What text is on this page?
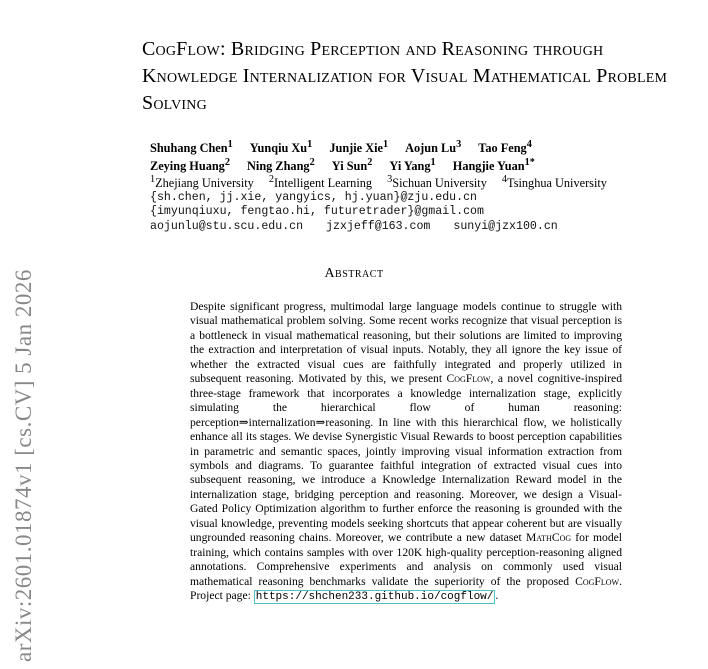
arXiv:2601.01874v1 [cs.CV] 5 Jan 2026
CogFlow: Bridging Perception and Reasoning through Knowledge Internalization for Visual Mathematical Problem Solving
Shuhang Chen$^1$ Yunqiu Xu$^1$ Junjie Xie$^1$ Aojun Lu$^3$ Tao Feng$^4$
Zeying Huang$^2$ Ning Zhang$^2$ Yi Sun$^2$ Yi Yang$^1$ Hangjie Yuan$^{1*}$
$^1$Zhejiang University $^2$Intelligent Learning $^3$Sichuan University $^4$Tsinghua University
{sh.chen, jj.xie, yangyics, hj.yuan}@zju.edu.cn
{imyunqiuxu, fengtao.hi, futuretrader}@gmail.com
aojunlu@stu.scu.edu.cn jzxjeff@163.com sunyi@jzx100.cn
Abstract

Despite significant progress, multimodal large language models continue to struggle with visual mathematical problem solving. Some recent works recognize that visual perception is a bottleneck in visual mathematical reasoning, but their solutions are limited to improving the extraction and interpretation of visual inputs. Notably, they all ignore the key issue of whether the extracted visual cues are faithfully integrated and properly utilized in subsequent reasoning. Motivated by this, we present CogFlow, a novel cognitive-inspired three-stage framework that incorporates a knowledge internalization stage, explicitly simulating the hierarchical flow of human reasoning: perception⇒internalization⇒reasoning. In line with this hierarchical flow, we holistically enhance all its stages. We devise Synergistic Visual Rewards to boost perception capabilities in parametric and semantic spaces, jointly improving visual information extraction from symbols and diagrams. To guarantee faithful integration of extracted visual cues into subsequent reasoning, we introduce a Knowledge Internalization Reward model in the internalization stage, bridging perception and reasoning. Moreover, we design a Visual-Gated Policy Optimization algorithm to further enforce the reasoning is grounded with the visual knowledge, preventing models seeking shortcuts that appear coherent but are visually ungrounded reasoning chains. Moreover, we contribute a new dataset MathCog for model training, which contains samples with over 120K high-quality perception-reasoning aligned annotations. Comprehensive experiments and analysis on commonly used visual mathematical reasoning benchmarks validate the superiority of the proposed CogFlow. Project page: https://shchen233.github.io/cogflow/ .
